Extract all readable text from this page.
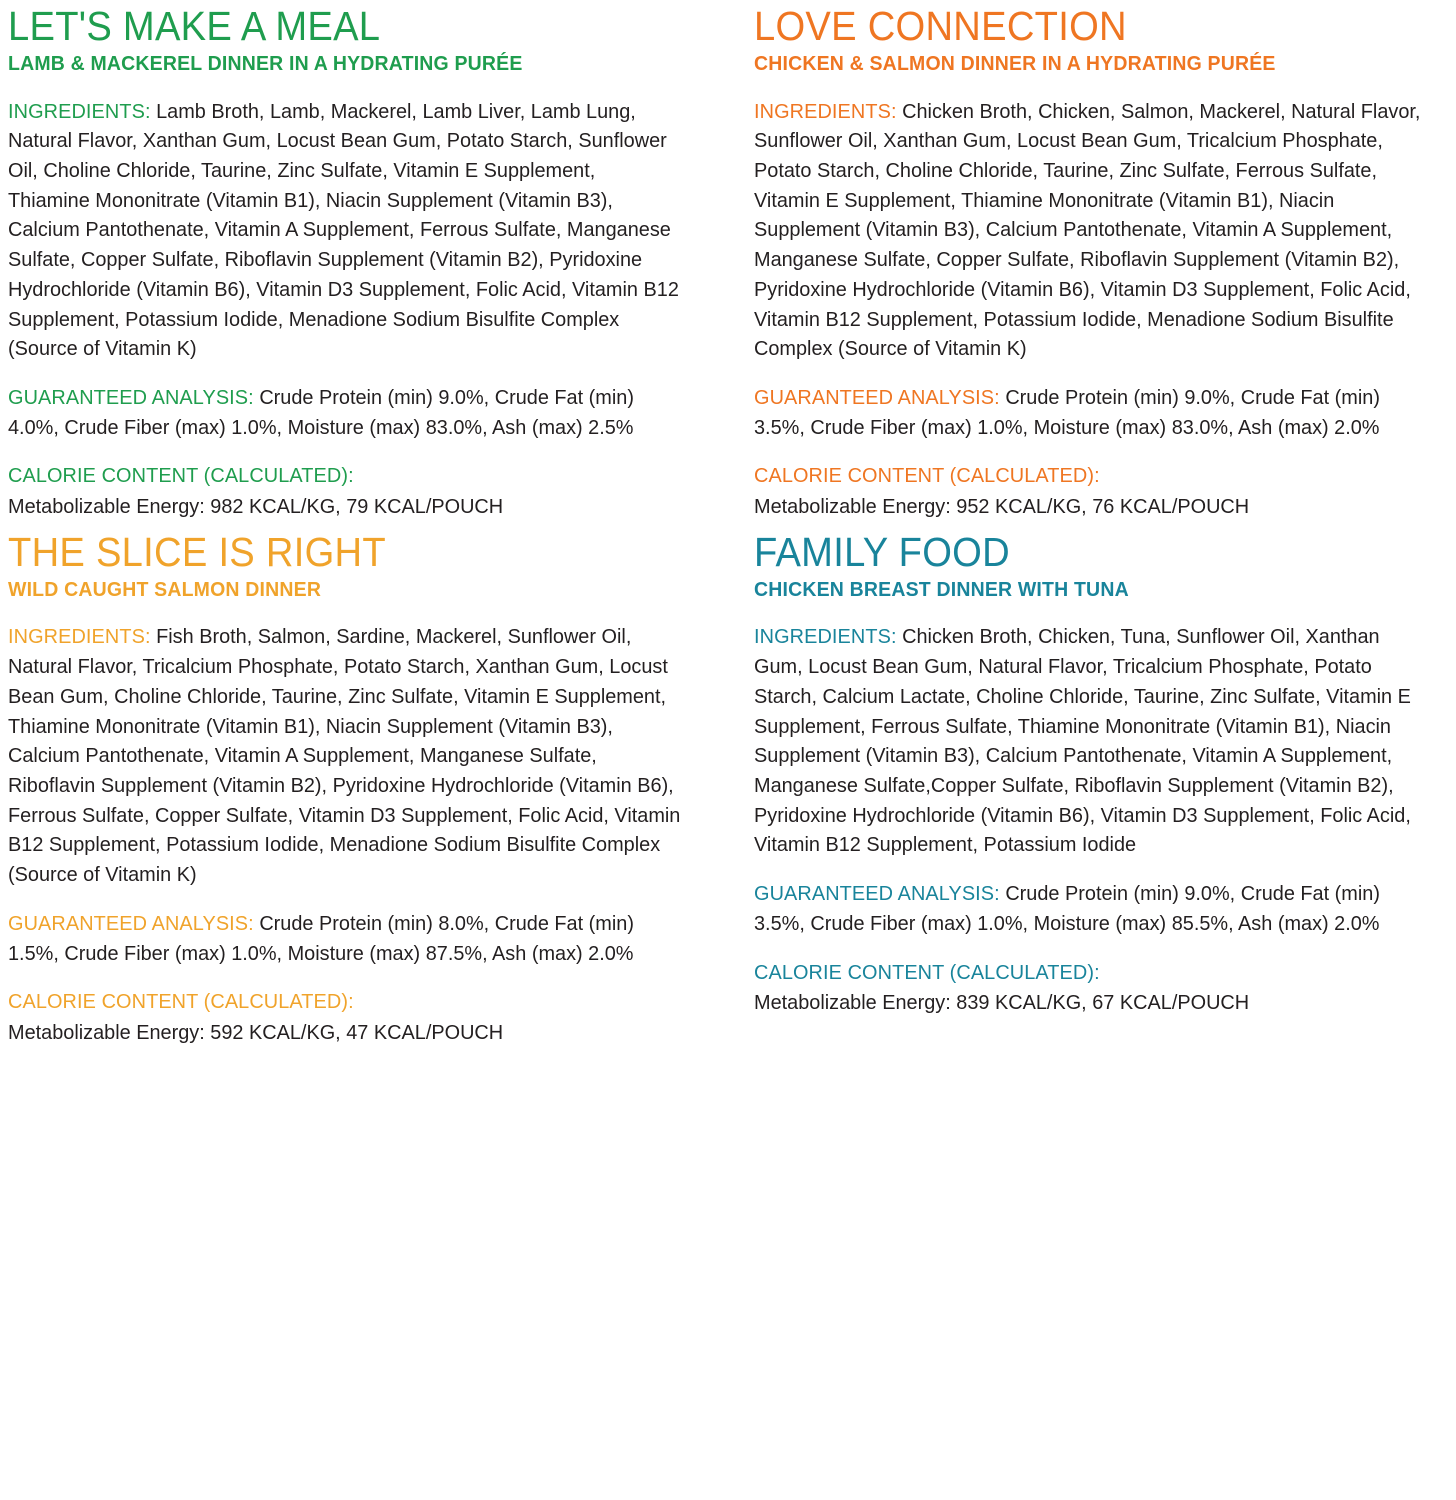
LET'S MAKE A MEAL
LAMB & MACKEREL DINNER IN A HYDRATING PURÉE

INGREDIENTS: Lamb Broth, Lamb, Mackerel, Lamb Liver, Lamb Lung, Natural Flavor, Xanthan Gum, Locust Bean Gum, Potato Starch, Sunflower Oil, Choline Chloride, Taurine, Zinc Sulfate, Vitamin E Supplement, Thiamine Mononitrate (Vitamin B1), Niacin Supplement (Vitamin B3), Calcium Pantothenate, Vitamin A Supplement, Ferrous Sulfate, Manganese Sulfate, Copper Sulfate, Riboflavin Supplement (Vitamin B2), Pyridoxine Hydrochloride (Vitamin B6), Vitamin D3 Supplement, Folic Acid, Vitamin B12 Supplement, Potassium Iodide, Menadione Sodium Bisulfite Complex (Source of Vitamin K)

GUARANTEED ANALYSIS: Crude Protein (min) 9.0%, Crude Fat (min) 4.0%, Crude Fiber (max) 1.0%, Moisture (max) 83.0%, Ash (max) 2.5%

CALORIE CONTENT (CALCULATED):
Metabolizable Energy: 982 KCAL/KG, 79 KCAL/POUCH

LOVE CONNECTION
CHICKEN & SALMON DINNER IN A HYDRATING PURÉE

INGREDIENTS: Chicken Broth, Chicken, Salmon, Mackerel, Natural Flavor, Sunflower Oil, Xanthan Gum, Locust Bean Gum, Tricalcium Phosphate, Potato Starch, Choline Chloride, Taurine, Zinc Sulfate, Ferrous Sulfate, Vitamin E Supplement, Thiamine Mononitrate (Vitamin B1), Niacin Supplement (Vitamin B3), Calcium Pantothenate, Vitamin A Supplement, Manganese Sulfate, Copper Sulfate, Riboflavin Supplement (Vitamin B2), Pyridoxine Hydrochloride (Vitamin B6), Vitamin D3 Supplement, Folic Acid, Vitamin B12 Supplement, Potassium Iodide, Menadione Sodium Bisulfite Complex (Source of Vitamin K)

GUARANTEED ANALYSIS: Crude Protein (min) 9.0%, Crude Fat (min) 3.5%, Crude Fiber (max) 1.0%, Moisture (max) 83.0%, Ash (max) 2.0%

CALORIE CONTENT (CALCULATED):
Metabolizable Energy: 952 KCAL/KG, 76 KCAL/POUCH

THE SLICE IS RIGHT
WILD CAUGHT SALMON DINNER

INGREDIENTS: Fish Broth, Salmon, Sardine, Mackerel, Sunflower Oil, Natural Flavor, Tricalcium Phosphate, Potato Starch, Xanthan Gum, Locust Bean Gum, Choline Chloride, Taurine, Zinc Sulfate, Vitamin E Supplement, Thiamine Mononitrate (Vitamin B1), Niacin Supplement (Vitamin B3), Calcium Pantothenate, Vitamin A Supplement, Manganese Sulfate, Riboflavin Supplement (Vitamin B2), Pyridoxine Hydrochloride (Vitamin B6), Ferrous Sulfate, Copper Sulfate, Vitamin D3 Supplement, Folic Acid, Vitamin B12 Supplement, Potassium Iodide, Menadione Sodium Bisulfite Complex (Source of Vitamin K)

GUARANTEED ANALYSIS: Crude Protein (min) 8.0%, Crude Fat (min) 1.5%, Crude Fiber (max) 1.0%, Moisture (max) 87.5%, Ash (max) 2.0%

CALORIE CONTENT (CALCULATED):
Metabolizable Energy: 592 KCAL/KG, 47 KCAL/POUCH

FAMILY FOOD
CHICKEN BREAST DINNER WITH TUNA

INGREDIENTS: Chicken Broth, Chicken, Tuna, Sunflower Oil, Xanthan Gum, Locust Bean Gum, Natural Flavor, Tricalcium Phosphate, Potato Starch, Calcium Lactate, Choline Chloride, Taurine, Zinc Sulfate, Vitamin E Supplement, Ferrous Sulfate, Thiamine Mononitrate (Vitamin B1), Niacin Supplement (Vitamin B3), Calcium Pantothenate, Vitamin A Supplement, Manganese Sulfate,Copper Sulfate, Riboflavin Supplement (Vitamin B2), Pyridoxine Hydrochloride (Vitamin B6), Vitamin D3 Supplement, Folic Acid, Vitamin B12 Supplement, Potassium Iodide

GUARANTEED ANALYSIS: Crude Protein (min) 9.0%, Crude Fat (min) 3.5%, Crude Fiber (max) 1.0%, Moisture (max) 85.5%, Ash (max) 2.0%

CALORIE CONTENT (CALCULATED):
Metabolizable Energy: 839 KCAL/KG, 67 KCAL/POUCH
